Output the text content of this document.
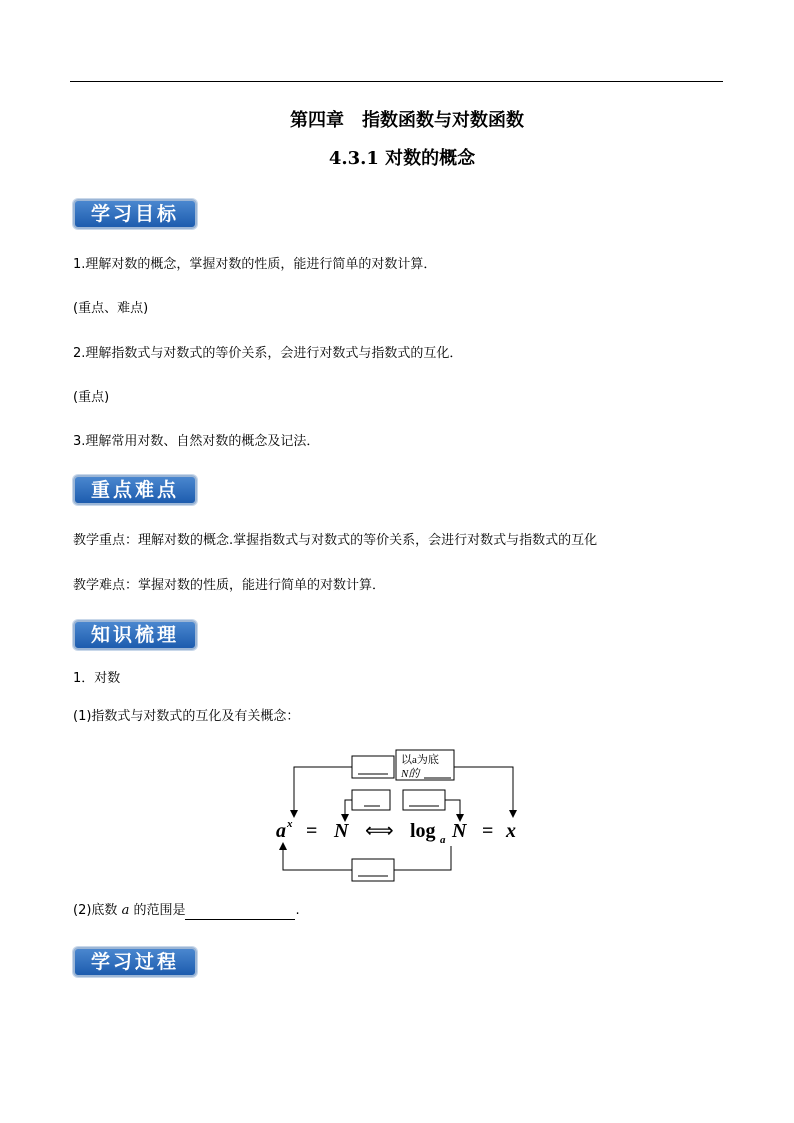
第四章　指数函数与对数函数
4.3.1 对数的概念
学习目标
1.理解对数的概念，掌握对数的性质，能进行简单的对数计算．
(重点、难点)
2.理解指数式与对数式的等价关系，会进行对数式与指数式的互化．
(重点)
3.理解常用对数、自然对数的概念及记法．
重点难点
教学重点：理解对数的概念.掌握指数式与对数式的等价关系，会进行对数式与指数式的互化
教学难点：掌握对数的性质，能进行简单的对数计算．
知识梳理
1．对数
(1)指数式与对数式的互化及有关概念：
以a为底
N的
a x = N ⟺ log a N = x
(2)底数 a 的范围是	.
学习过程
